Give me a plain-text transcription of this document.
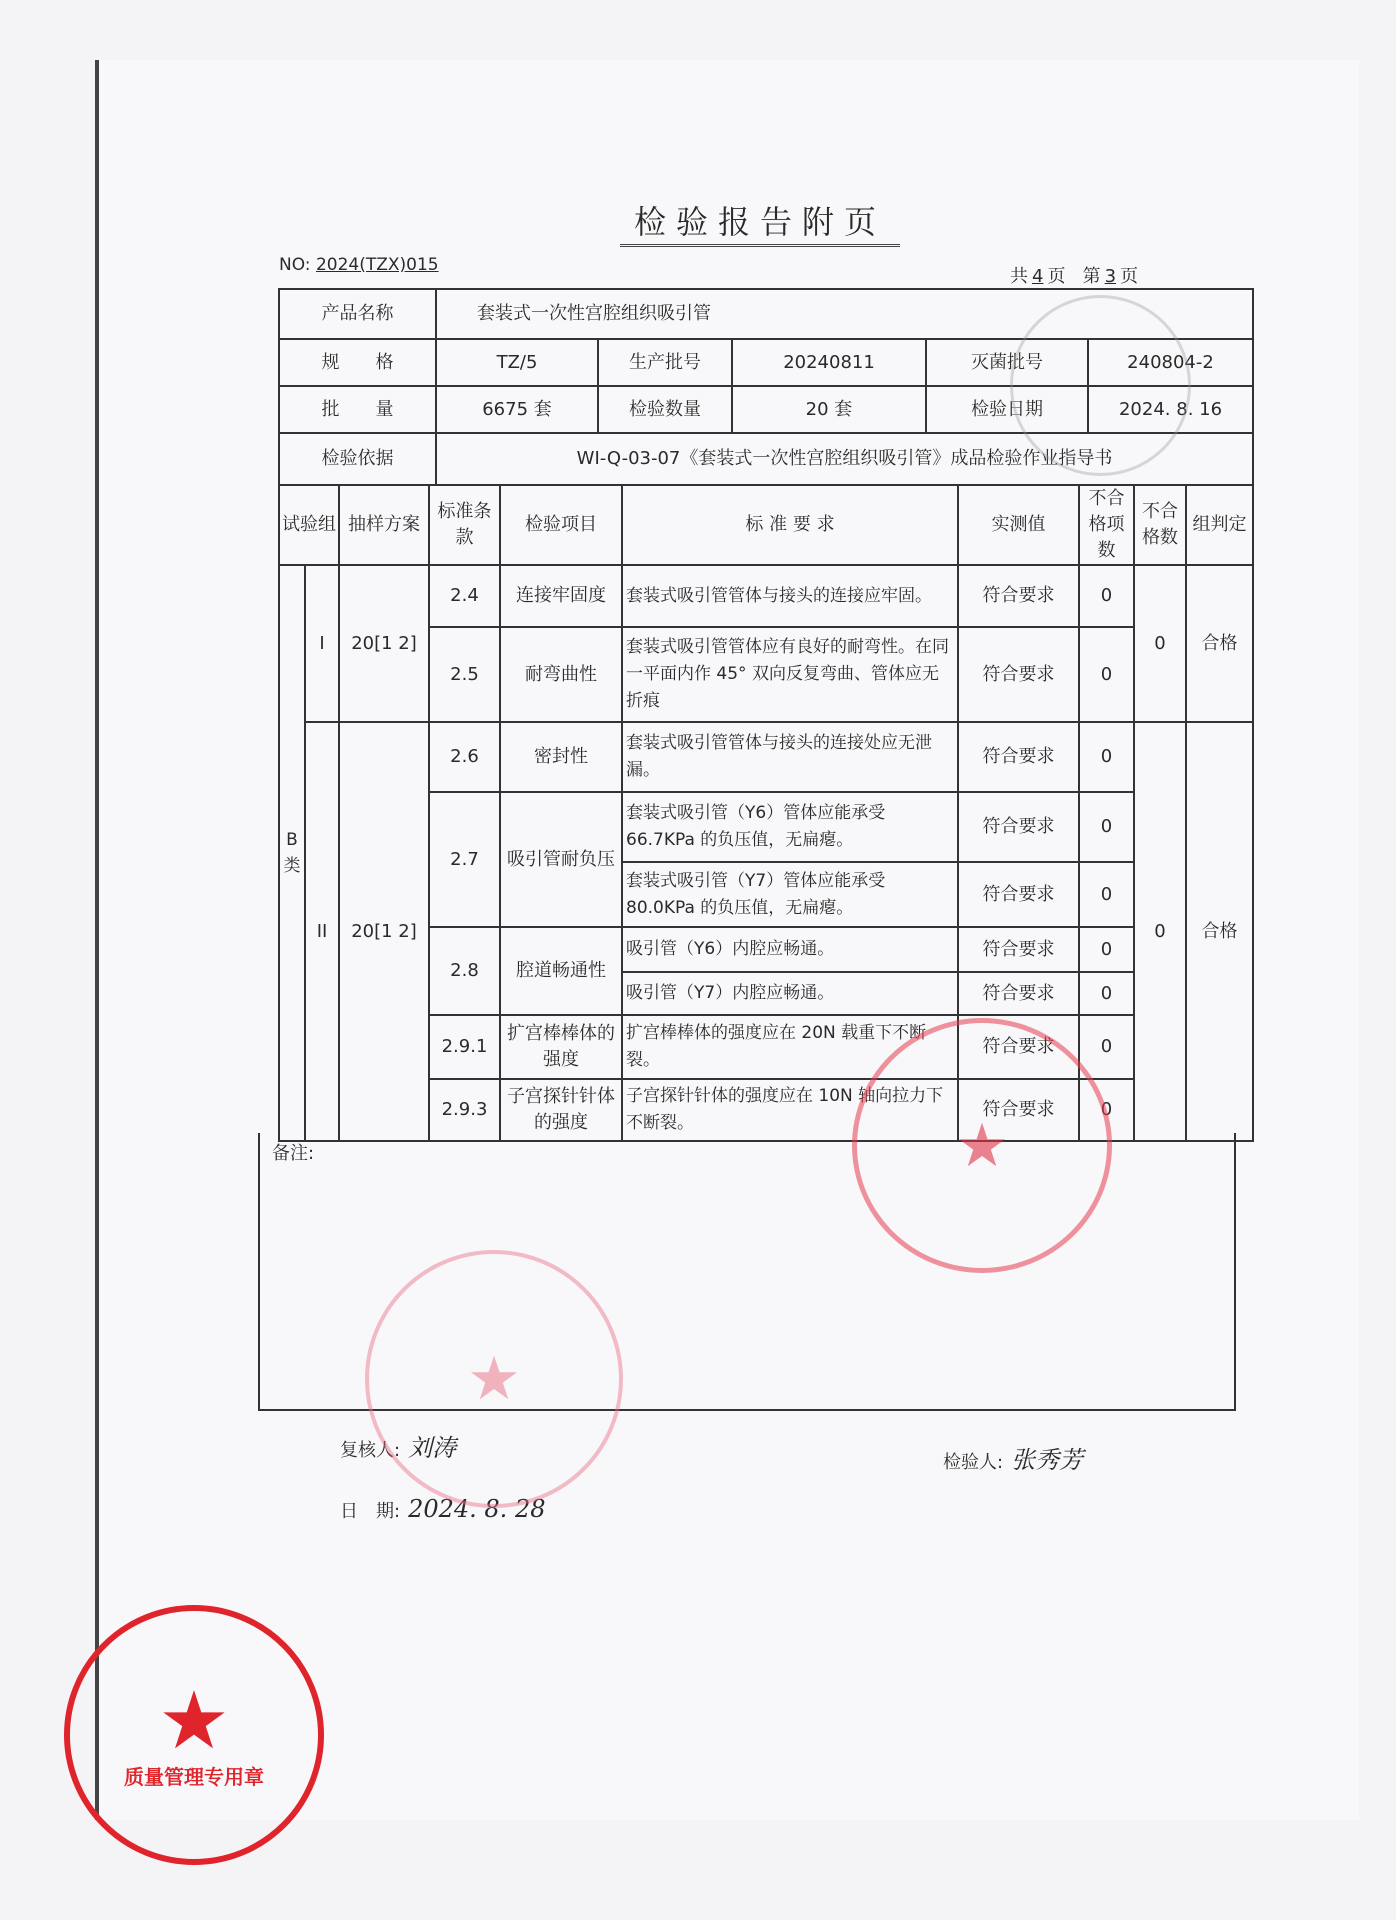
检验报告附页
NO: 2024(TZX)015
共 4 页 第 3 页
产品名称	套装式一次性宫腔组织吸引管				
规　　格	TZ/5	生产批号	20240811	灭菌批号	240804-2
批　　量	6675 套	检验数量	20 套	检验日期	2024. 8. 16
检验依据	WI-Q-03-07《套装式一次性宫腔组织吸引管》成品检验作业指导书				
试验组		抽样方案	标准条款	检验项目	标 准 要 求	实测值	不合格项 数	不合格数	组判定
B类	I	20[1 2]	2.4	连接牢固度	套装式吸引管管体与接头的连接应牢固。	符合要求	0	0	合格
			2.5	耐弯曲性	套装式吸引管管体应有良好的耐弯性。在同一平面内作 45° 双向反复弯曲、管体应无折痕	符合要求	0		
	II	20[1 2]	2.6	密封性	套装式吸引管管体与接头的连接处应无泄漏。	符合要求	0	0	合格
			2.7	吸引管耐负压	套装式吸引管（Y6）管体应能承受 66.7KPa 的负压值，无扁瘪。	符合要求	0		
					套装式吸引管（Y7）管体应能承受 80.0KPa 的负压值，无扁瘪。	符合要求	0		
			2.8	腔道畅通性	吸引管（Y6）内腔应畅通。	符合要求	0		
					吸引管（Y7）内腔应畅通。	符合要求	0		
			2.9.1	扩宫棒棒体的强度	扩宫棒棒体的强度应在 20N 载重下不断裂。	符合要求	0		
			2.9.3	子宫探针针体的强度	子宫探针针体的强度应在 10N 轴向拉力下不断裂。	符合要求	0		
备注:
复核人: 刘涛
检验人: 张秀芳
日　期: 2024. 8. 28
★
★
★
质量管理专用章
